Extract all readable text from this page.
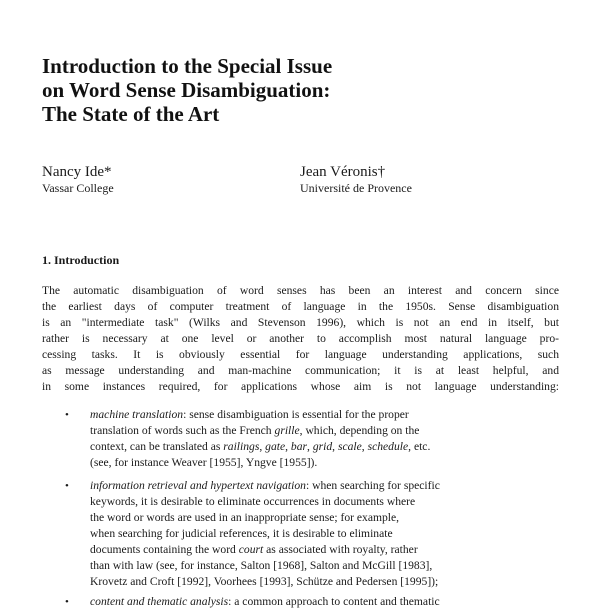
Introduction to the Special Issue
on Word Sense Disambiguation:
The State of the Art
Nancy Ide*
Vassar College
Jean Véronis†
Université de Provence
1. Introduction
The automatic disambiguation of word senses has been an interest and concern since
the earliest days of computer treatment of language in the 1950s. Sense disambiguation
is an "intermediate task" (Wilks and Stevenson 1996), which is not an end in itself, but
rather is necessary at one level or another to accomplish most natural language pro-
cessing tasks. It is obviously essential for language understanding applications, such
as message understanding and man-machine communication; it is at least helpful, and
in some instances required, for applications whose aim is not language understanding:
• machine translation: sense disambiguation is essential for the proper
translation of words such as the French grille, which, depending on the
context, can be translated as railings, gate, bar, grid, scale, schedule, etc.
(see, for instance Weaver [1955], Yngve [1955]).
• information retrieval and hypertext navigation: when searching for specific
keywords, it is desirable to eliminate occurrences in documents where
the word or words are used in an inappropriate sense; for example,
when searching for judicial references, it is desirable to eliminate
documents containing the word court as associated with royalty, rather
than with law (see, for instance, Salton [1968], Salton and McGill [1983],
Krovetz and Croft [1992], Voorhees [1993], Schütze and Pedersen [1995]);
• content and thematic analysis: a common approach to content and thematic
